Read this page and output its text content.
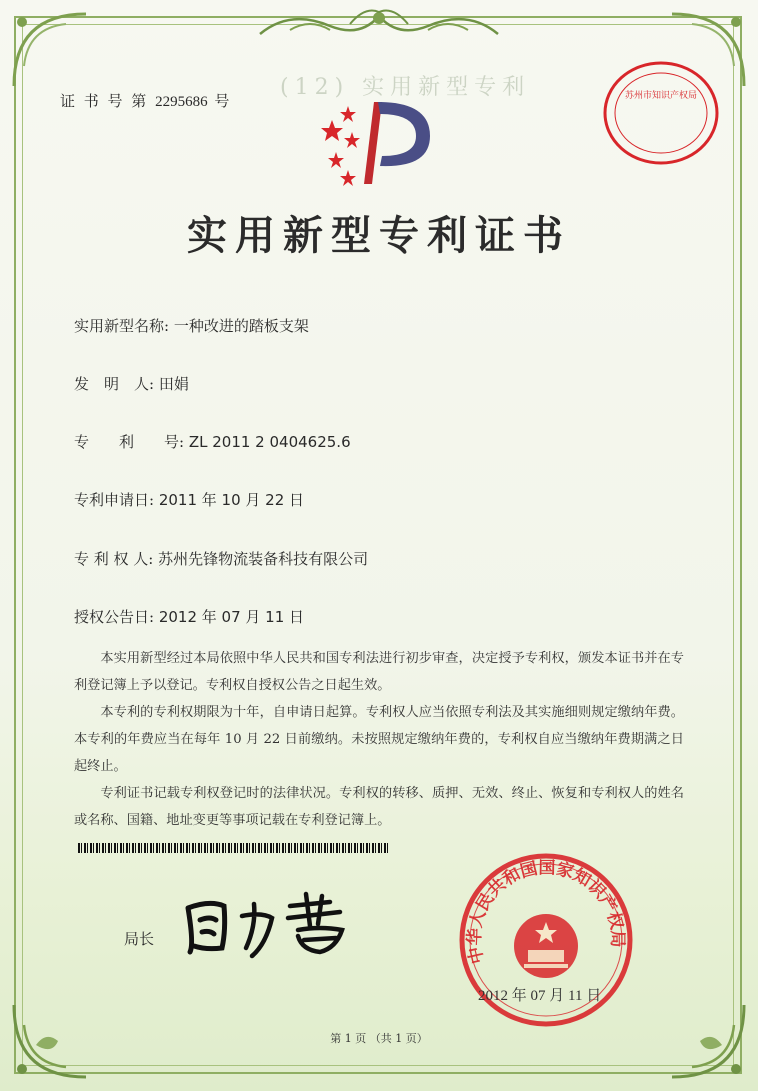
证 书 号 第 2295686 号
(12) 实用新型专利	苏州市知识产权局
实用新型专利证书
实用新型名称: 一种改进的踏板支架
发　明　人: 田娟
专　　利　　号: ZL 2011 2 0404625.6
专利申请日: 2011 年 10 月 22 日
专 利 权 人: 苏州先锋物流装备科技有限公司
授权公告日: 2012 年 07 月 11 日

本实用新型经过本局依照中华人民共和国专利法进行初步审查，决定授予专利权，颁发本证书并在专利登记簿上予以登记。专利权自授权公告之日起生效。

本专利的专利权期限为十年，自申请日起算。专利权人应当依照专利法及其实施细则规定缴纳年费。本专利的年费应当在每年 10 月 22 日前缴纳。未按照规定缴纳年费的，专利权自应当缴纳年费期满之日起终止。

专利证书记载专利权登记时的法律状况。专利权的转移、质押、无效、终止、恢复和专利权人的姓名或名称、国籍、地址变更等事项记载在专利登记簿上。

局长
中华人民共和国国家知识产权局
2012 年 07 月 11 日
第 1 页 （共 1 页）
